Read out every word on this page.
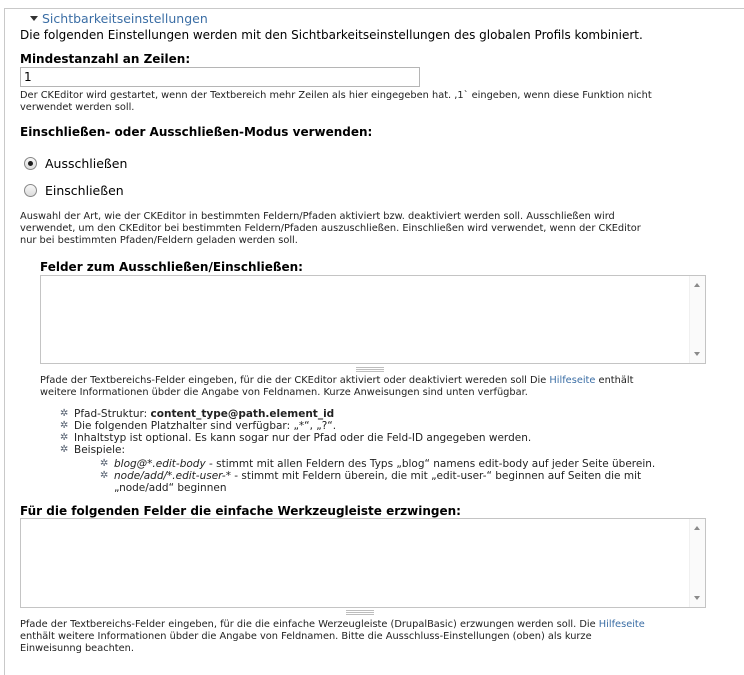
Sichtbarkeitseinstellungen
Die folgenden Einstellungen werden mit den Sichtbarkeitseinstellungen des globalen Profils kombiniert.
Mindestanzahl an Zeilen:
1
Der CKEditor wird gestartet, wenn der Textbereich mehr Zeilen als hier eingegeben hat. ,1` eingeben, wenn diese Funktion nicht
verwendet werden soll.
Einschließen- oder Ausschließen-Modus verwenden:
Ausschließen
Einschließen
Auswahl der Art, wie der CKEditor in bestimmten Feldern/Pfaden aktiviert bzw. deaktiviert werden soll. Ausschließen wird
verwendet, um den CKEditor bei bestimmten Feldern/Pfaden auszuschließen. Einschließen wird verwendet, wenn der CKEditor
nur bei bestimmten Pfaden/Feldern geladen werden soll.
Felder zum Ausschließen/Einschließen:
Pfade der Textbereichs-Felder eingeben, für die der CKEditor aktiviert oder deaktiviert wereden soll Die Hilfeseite enthält
weitere Informationen übder die Angabe von Feldnamen. Kurze Anweisungen sind unten verfügbar.
✲ Pfad-Struktur: content_type@path.element_id
✲ Die folgenden Platzhalter sind verfügbar: „*“, „?“.
✲ Inhaltstyp ist optional. Es kann sogar nur der Pfad oder die Feld-ID angegeben werden.
✲ Beispiele:
✲ blog@*.edit-body - stimmt mit allen Feldern des Typs „blog“ namens edit-body auf jeder Seite überein.
✲ node/add/*.edit-user-* - stimmt mit Feldern überein, die mit „edit-user-“ beginnen auf Seiten die mit
„node/add“ beginnen
Für die folgenden Felder die einfache Werkzeugleiste erzwingen:
Pfade der Textbereichs-Felder eingeben, für die die einfache Werzeugleiste (DrupalBasic) erzwungen werden soll. Die Hilfeseite
enthält weitere Informationen übder die Angabe von Feldnamen. Bitte die Ausschluss-Einstellungen (oben) als kurze
Einweisunng beachten.
